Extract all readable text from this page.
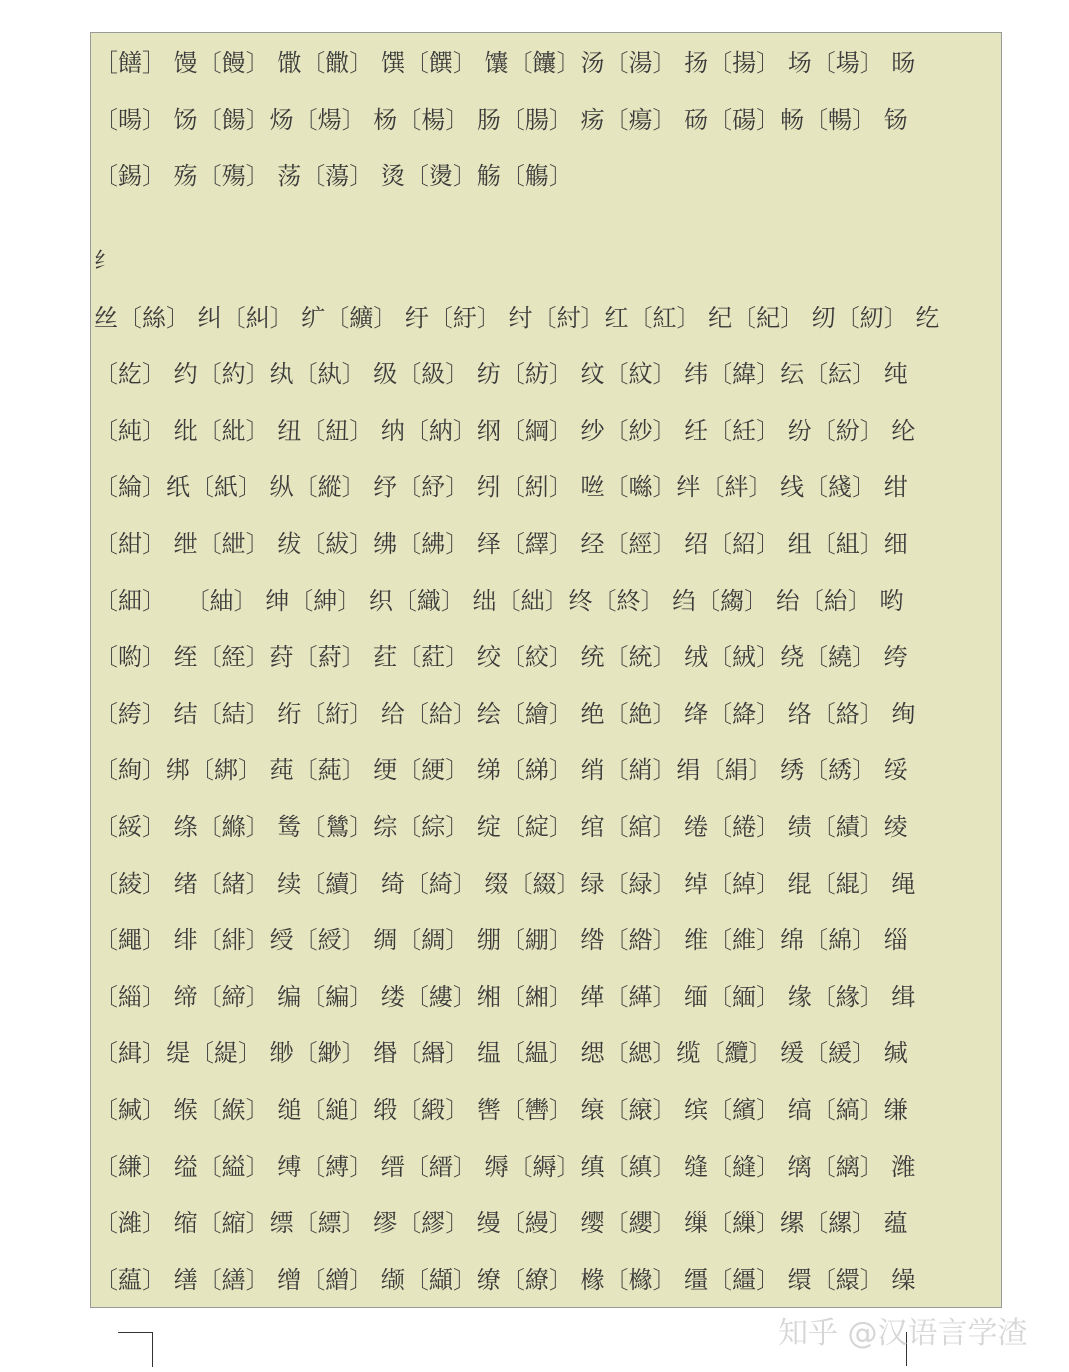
［饍］ 馒〔饅〕 馓〔饊〕 馔〔饌〕 馕〔饢〕汤〔湯〕 扬〔揚〕 场〔場〕 旸
〔暘〕 饧〔餳〕炀〔煬〕 杨〔楊〕 肠〔腸〕 疡〔瘍〕 砀〔碭〕畅〔暢〕 钖
〔錫〕 殇〔殤〕 荡〔蕩〕 烫〔燙〕觞〔觴〕
纟
丝〔絲〕 纠〔糾〕 纩〔纊〕 纡〔紆〕 纣〔紂〕红〔紅〕 纪〔紀〕 纫〔紉〕 纥
〔紇〕 约〔約〕纨〔紈〕 级〔級〕 纺〔紡〕 纹〔紋〕 纬〔緯〕纭〔紜〕 纯
〔純〕 纰〔紕〕 纽〔紐〕 纳〔納〕纲〔綱〕 纱〔紗〕 纴〔紝〕 纷〔紛〕 纶
〔綸〕纸〔紙〕 纵〔縱〕 纾〔紓〕 纼〔紖〕 咝〔噝〕绊〔絆〕 线〔綫〕 绀
〔紺〕 绁〔紲〕 绂〔紱〕绋〔紼〕 绎〔繹〕 经〔經〕 绍〔紹〕 组〔組〕细
〔細〕　 〔紬〕 绅〔紳〕 织〔織〕 绌〔絀〕终〔終〕 绉〔縐〕 绐〔紿〕 哟
〔喲〕 绖〔絰〕荮〔葤〕 荭〔葒〕 绞〔絞〕 统〔統〕 绒〔絨〕绕〔繞〕 绔
〔絝〕 结〔結〕 绗〔絎〕 给〔給〕绘〔繪〕 绝〔絶〕 绛〔絳〕 络〔絡〕 绚
〔絢〕绑〔綁〕 莼〔蒓〕 绠〔綆〕 绨〔綈〕 绡〔綃〕绢〔絹〕 绣〔綉〕 绥
〔綏〕 绦〔縧〕 鸶〔鷥〕综〔綜〕 绽〔綻〕 绾〔綰〕 绻〔綣〕 绩〔績〕绫
〔綾〕 绪〔緒〕 续〔續〕 绮〔綺〕 缀〔綴〕绿〔緑〕 绰〔綽〕 绲〔緄〕 绳
〔繩〕 绯〔緋〕绶〔綬〕 绸〔綢〕 绷〔綳〕 绺〔綹〕 维〔維〕绵〔綿〕 缁
〔緇〕 缔〔締〕 编〔編〕 缕〔縷〕缃〔緗〕 缂〔緙〕 缅〔緬〕 缘〔緣〕 缉
〔緝〕缇〔緹〕 缈〔緲〕 缗〔緡〕 缊〔緼〕 缌〔緦〕缆〔纜〕 缓〔緩〕 缄
〔緘〕 缑〔緱〕 缒〔縋〕缎〔緞〕 辔〔轡〕 缞〔縗〕 缤〔繽〕 缟〔縞〕缣
〔縑〕 缢〔縊〕 缚〔縛〕 缙〔縉〕 缛〔縟〕缜〔縝〕 缝〔縫〕 缡〔縭〕 潍
〔濰〕 缩〔縮〕缥〔縹〕 缪〔繆〕 缦〔縵〕 缨〔纓〕 缫〔繅〕缧〔縲〕 蕴
〔藴〕 缮〔繕〕 缯〔繒〕 缬〔纈〕缭〔繚〕 橼〔櫞〕 缰〔繮〕 缳〔繯〕 缲
知乎 @汉语言学渣
